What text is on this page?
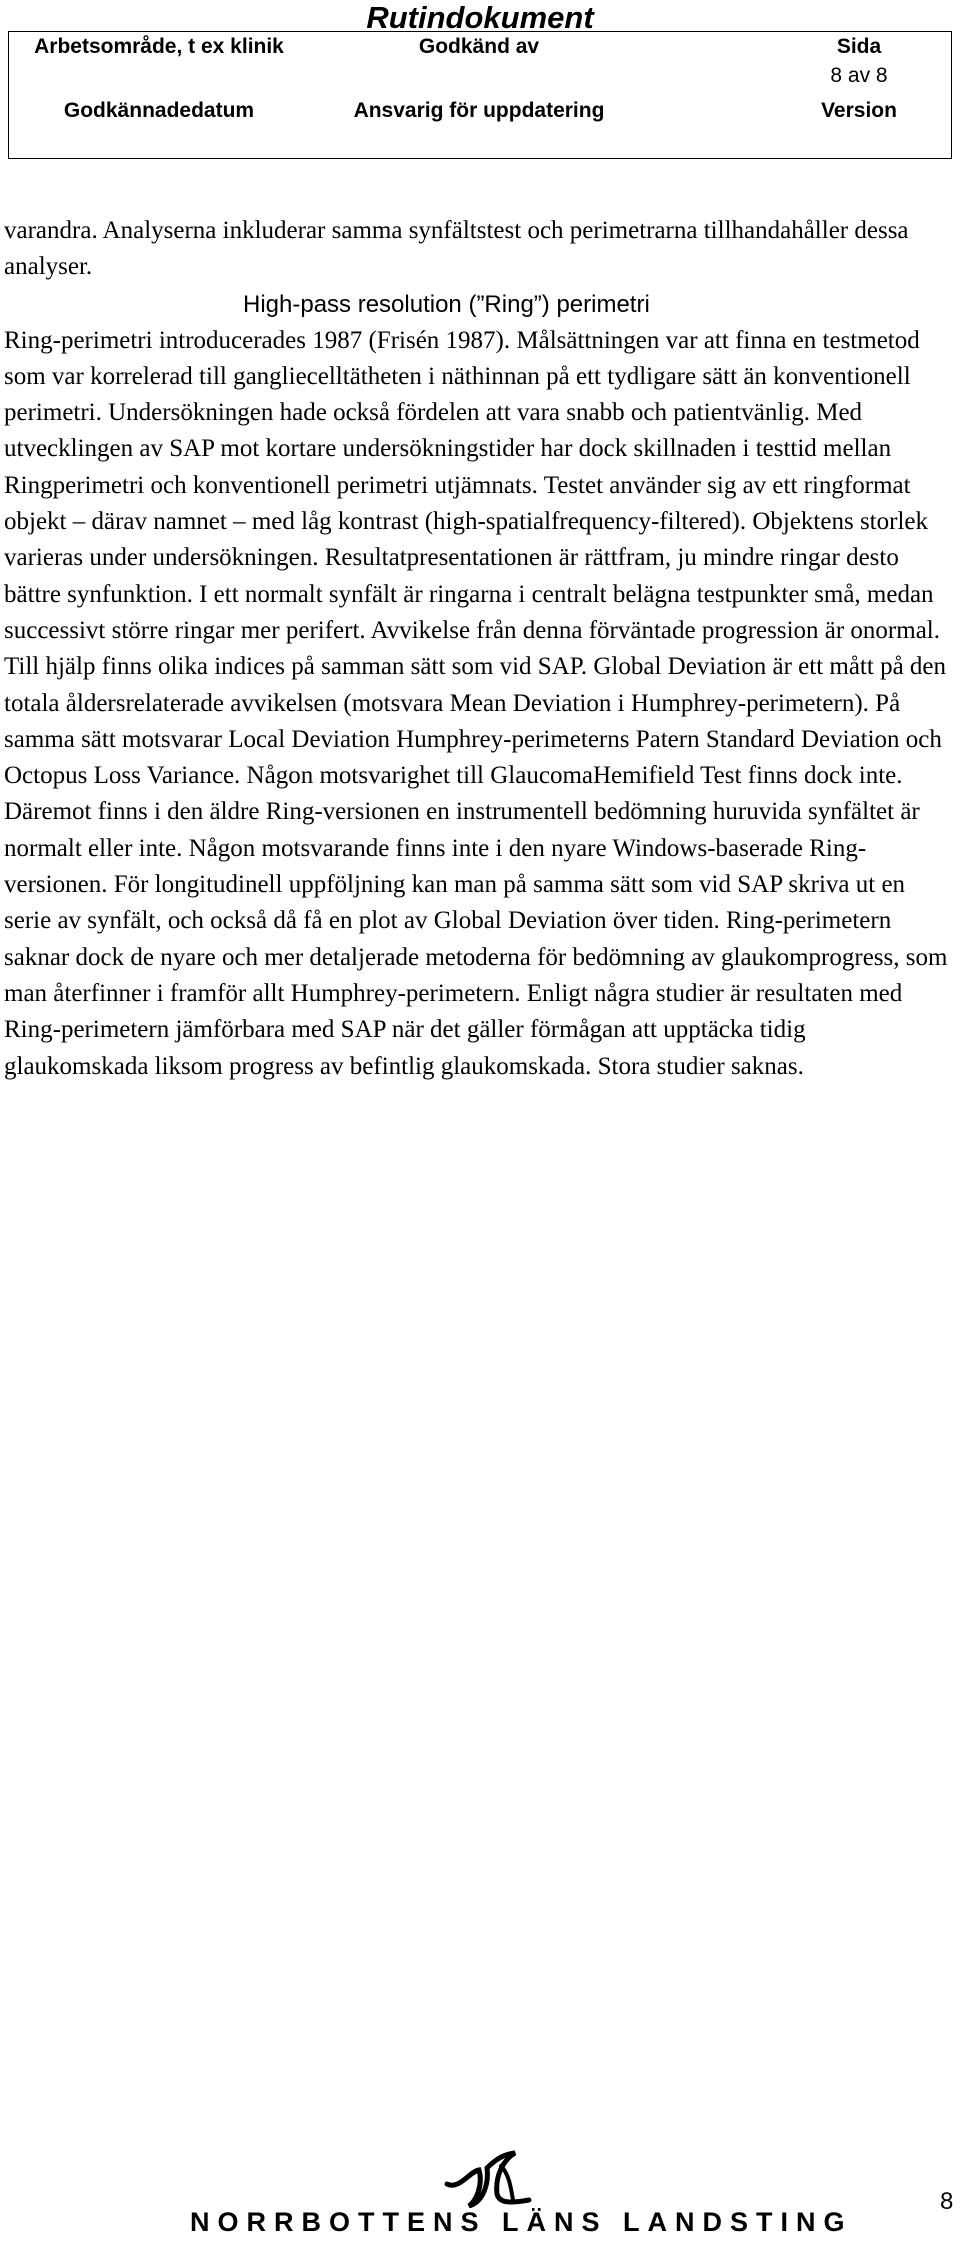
Rutindokument
Arbetsområde, t ex klinik	Godkänd av	Sida
8 av 8
Godkännadedatum	Ansvarig för uppdatering	Version

varandra. Analyserna inkluderar samma synfältstest och perimetrarna tillhandahåller dessa analyser.

High-pass resolution (”Ring”) perimetri

Ring-perimetri introducerades 1987 (Frisén 1987). Målsättningen var att finna en testmetod som var korrelerad till gangliecelltätheten i näthinnan på ett tydligare sätt än konventionell perimetri. Undersökningen hade också fördelen att vara snabb och patientvänlig. Med utvecklingen av SAP mot kortare undersökningstider har dock skillnaden i testtid mellan Ringperimetri och konventionell perimetri utjämnats. Testet använder sig av ett ringformat objekt – därav namnet – med låg kontrast (high-spatialfrequency-filtered). Objektens storlek varieras under undersökningen. Resultatpresentationen är rättfram, ju mindre ringar desto bättre synfunktion. I ett normalt synfält är ringarna i centralt belägna testpunkter små, medan successivt större ringar mer perifert. Avvikelse från denna förväntade progression är onormal. Till hjälp finns olika indices på samman sätt som vid SAP. Global Deviation är ett mått på den totala åldersrelaterade avvikelsen (motsvara Mean Deviation i Humphrey-perimetern). På samma sätt motsvarar Local Deviation Humphrey-perimeterns Patern Standard Deviation och Octopus Loss Variance. Någon motsvarighet till GlaucomaHemifield Test finns dock inte. Däremot finns i den äldre Ring-versionen en instrumentell bedömning huruvida synfältet är normalt eller inte. Någon motsvarande finns inte i den nyare Windows-baserade Ring-versionen. För longitudinell uppföljning kan man på samma sätt som vid SAP skriva ut en serie av synfält, och också då få en plot av Global Deviation över tiden. Ring-perimetern saknar dock de nyare och mer detaljerade metoderna för bedömning av glaukomprogress, som man återfinner i framför allt Humphrey-perimetern. Enligt några studier är resultaten med Ring-perimetern jämförbara med SAP när det gäller förmågan att upptäcka tidig glaukomskada liksom progress av befintlig glaukomskada. Stora studier saknas.

NORRBOTTENS LÄNS LANDSTING
8
